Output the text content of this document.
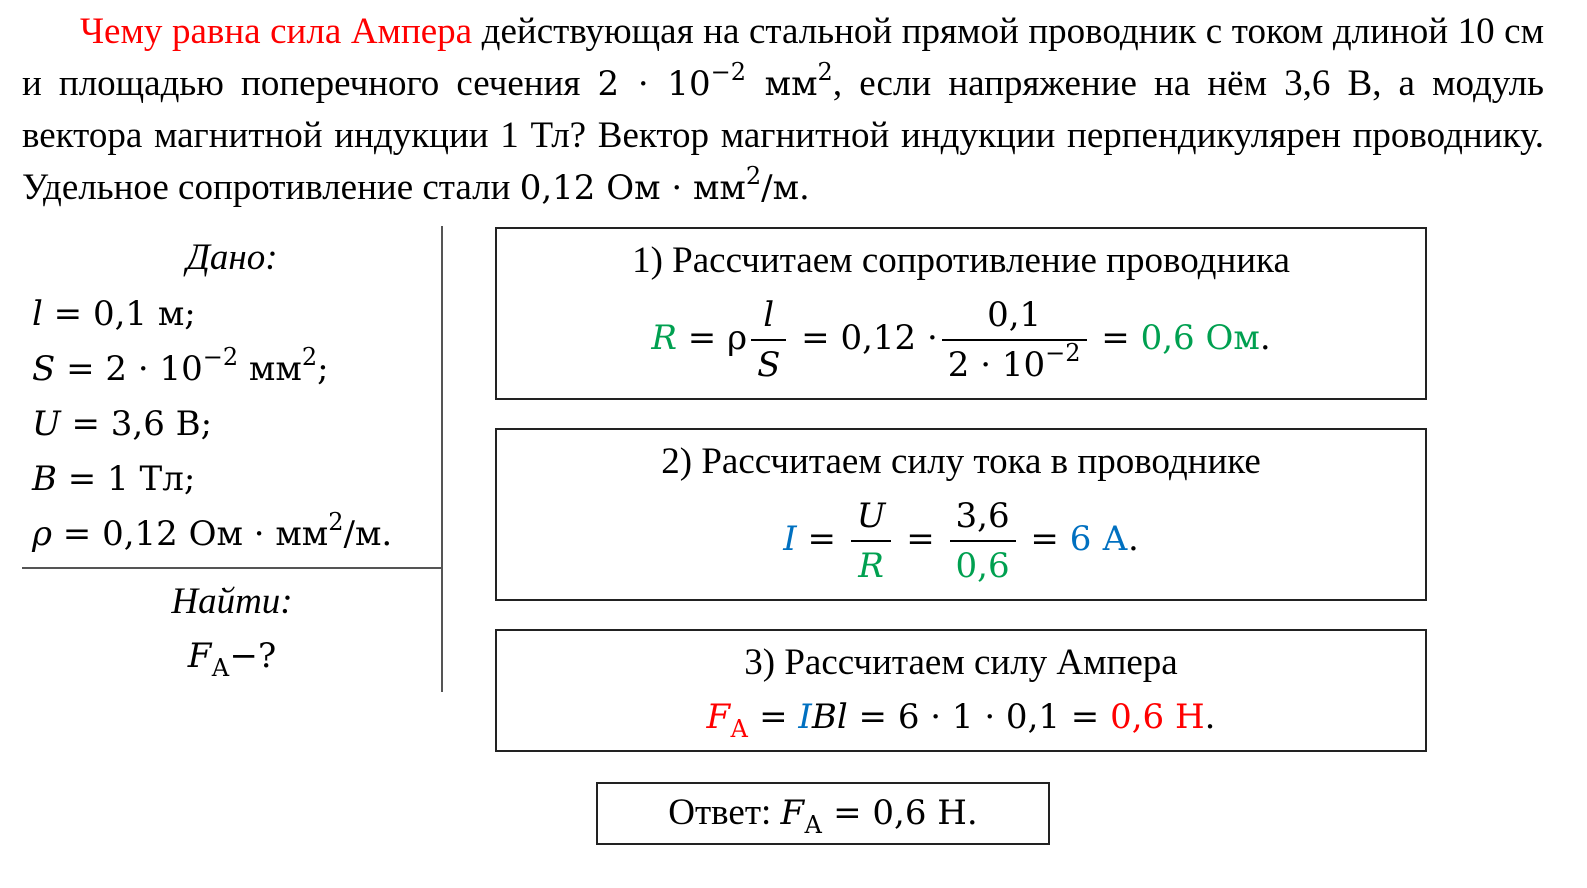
Чему равна сила Ампера действующая на стальной прямой проводник с током длиной 10 см и площадью поперечного сечения $2 \cdot 10^{-2}$ $мм^2$, если напряжение на нём 3,6 В, а модуль вектора магнитной индукции 1 Тл? Вектор магнитной индукции перпендикулярен проводнику. Удельное сопротивление стали 0,12 Ом · $мм^2/м$.

Дано:
l = 0,1 м;
$S = 2 \cdot 10^{-2}$ $мм^2$;
U = 3,6 В;
B = 1 Тл;
ρ = 0,12 Ом · $мм^2/м$.
Найти:
$F_А-$?
1) Рассчитаем сопротивление проводника
R = ρ $\frac{l}{S} = 0,12 \cdot \frac{0,1}{2 \cdot 10^{-2}} = 0,6$ Ом.
2) Рассчитаем силу тока в проводнике
$I = \frac{U}{R} = \frac{3,6}{0,6} = 6$ А.
3) Рассчитаем силу Ампера
$F_А$ = IBl = 6 · 1 · 0,1 = 0,6 Н.
Ответ: $F_А = 0,6$ Н.
